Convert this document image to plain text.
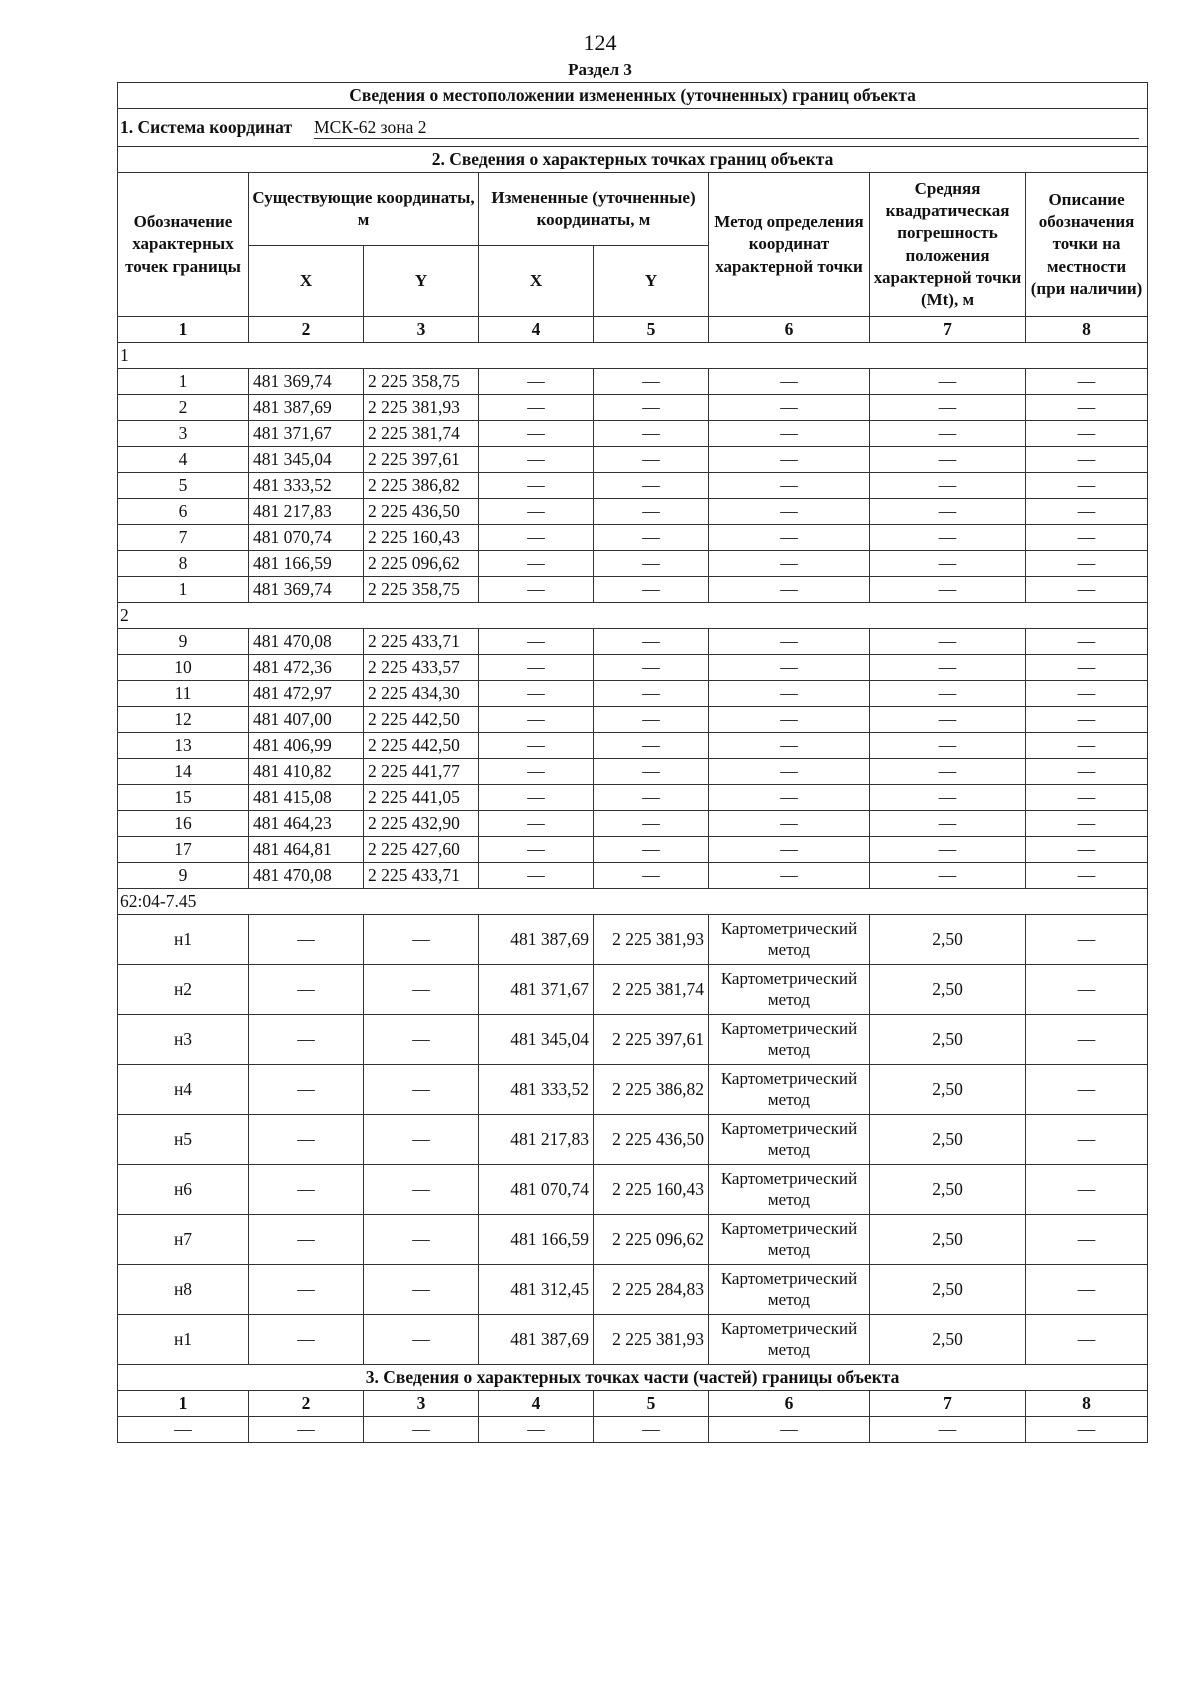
124
Раздел 3
Сведения о местоположении измененных (уточненных) границ объекта							

1. Система координат МСК-62 зона 2							

2. Сведения о характерных точках границ объекта							
Обозначение характерных точек границы	Существующие координаты, м		Измененные (уточненные) координаты, м		Метод определения координат характерной точки	Средняя квадратическая погрешность положения характерной точки (Mt), м	Описание обозначения точки на местности (при наличии)
	X	Y	X	Y			
1	2	3	4	5	6	7	8
1							
1	481 369,74	2 225 358,75	—	—	—	—	—
2	481 387,69	2 225 381,93	—	—	—	—	—
3	481 371,67	2 225 381,74	—	—	—	—	—
4	481 345,04	2 225 397,61	—	—	—	—	—
5	481 333,52	2 225 386,82	—	—	—	—	—
6	481 217,83	2 225 436,50	—	—	—	—	—
7	481 070,74	2 225 160,43	—	—	—	—	—
8	481 166,59	2 225 096,62	—	—	—	—	—
1	481 369,74	2 225 358,75	—	—	—	—	—
2							
9	481 470,08	2 225 433,71	—	—	—	—	—
10	481 472,36	2 225 433,57	—	—	—	—	—
11	481 472,97	2 225 434,30	—	—	—	—	—
12	481 407,00	2 225 442,50	—	—	—	—	—
13	481 406,99	2 225 442,50	—	—	—	—	—
14	481 410,82	2 225 441,77	—	—	—	—	—
15	481 415,08	2 225 441,05	—	—	—	—	—
16	481 464,23	2 225 432,90	—	—	—	—	—
17	481 464,81	2 225 427,60	—	—	—	—	—
9	481 470,08	2 225 433,71	—	—	—	—	—
62:04-7.45							
н1	—	—	481 387,69	2 225 381,93	Картометрический метод	2,50	—
н2	—	—	481 371,67	2 225 381,74	Картометрический метод	2,50	—
н3	—	—	481 345,04	2 225 397,61	Картометрический метод	2,50	—
н4	—	—	481 333,52	2 225 386,82	Картометрический метод	2,50	—
н5	—	—	481 217,83	2 225 436,50	Картометрический метод	2,50	—
н6	—	—	481 070,74	2 225 160,43	Картометрический метод	2,50	—
н7	—	—	481 166,59	2 225 096,62	Картометрический метод	2,50	—
н8	—	—	481 312,45	2 225 284,83	Картометрический метод	2,50	—
н1	—	—	481 387,69	2 225 381,93	Картометрический метод	2,50	—
3. Сведения о характерных точках части (частей) границы объекта							
1	2	3	4	5	6	7	8
—	—	—	—	—	—	—	—
